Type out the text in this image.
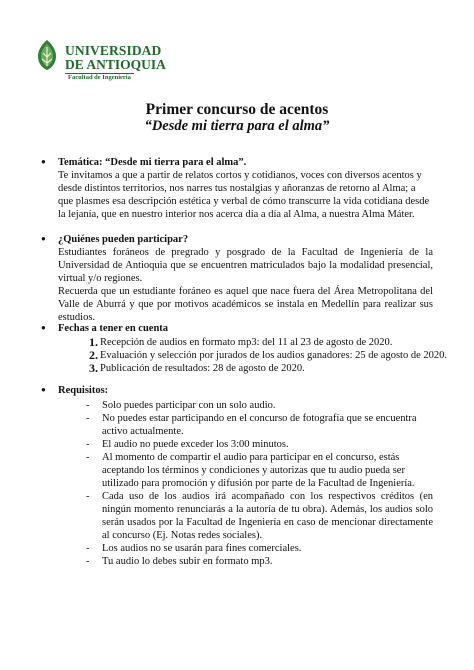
UNIVERSIDAD
DE ANTIOQUIA
Facultad de Ingeniería
Primer concurso de acentos
“Desde mi tierra para el alma”
● Temática: “Desde mi tierra para el alma”.
Te invitamos a que a partir de relatos cortos y cotidianos, voces con diversos acentos y desde distintos territorios, nos narres tus nostalgias y añoranzas de retorno al Alma; a que plasmes esa descripción estética y verbal de cómo transcurre la vida cotidiana desde la lejanía, que en nuestro interior nos acerca día a día al Alma, a nuestra Alma Máter.
● ¿Quiénes pueden participar?
Estudiantes foráneos de pregrado y posgrado de la Facultad de Ingeniería de la Universidad de Antioquia que se encuentren matriculados bajo la modalidad presencial, virtual y/o regiones.
Recuerda que un estudiante foráneo es aquel que nace fuera del Área Metropolitana del Valle de Aburrá y que por motivos académicos se instala en Medellín para realizar sus estudios.
● Fechas a tener en cuenta
1. Recepción de audios en formato mp3: del 11 al 23 de agosto de 2020.
2. Evaluación y selección por jurados de los audios ganadores: 25 de agosto de 2020.
3. Publicación de resultados: 28 de agosto de 2020.
● Requisitos:
- Solo puedes participar con un solo audio.
- No puedes estar participando en el concurso de fotografía que se encuentra activo actualmente.
- El audio no puede exceder los 3:00 minutos.
- Al momento de compartir el audio para participar en el concurso, estás aceptando los términos y condiciones y autorizas que tu audio pueda ser utilizado para promoción y difusión por parte de la Facultad de Ingeniería.
- Cada uso de los audios irá acompañado con los respectivos créditos (en ningún momento renunciarás a la autoría de tu obra). Además, los audios solo serán usados por la Facultad de Ingeniería en caso de mencionar directamente al concurso (Ej. Notas redes sociales).
- Los audios no se usarán para fines comerciales.
- Tu audio lo debes subir en formato mp3.
